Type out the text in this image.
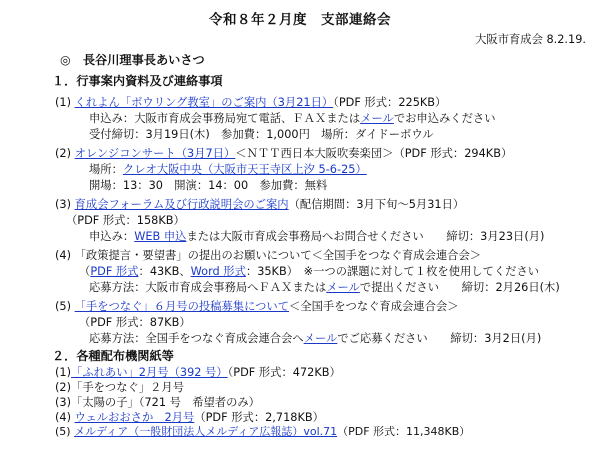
令和８年２月度　支部連絡会
大阪市育成会 8.2.19.
◎　長谷川理事長あいさつ
１．行事案内資料及び連絡事項
(1) くれよん「ボウリング教室」のご案内（3月21日）（PDF 形式：225KB）
申込み：大阪市育成会事務局宛て電話、ＦＡＸまたはメールでお申込みください
受付締切：3月19日(木)　参加費：1,000円　場所：ダイドーボウル
(2) オレンジコンサート（3月7日）＜ＮＴＴ西日本大阪吹奏楽団＞（PDF 形式：294KB）
場所：クレオ大阪中央（大阪市天王寺区上汐 5-6-25）
開場：13：30　開演：14：00　参加費：無料
(3) 育成会フォーラム及び行政説明会のご案内（配信期間：3月下旬～5月31日）
（PDF 形式：158KB）
申込み：WEB 申込または大阪市育成会事務局へお問合せください　　締切：3月23日(月)
(4) 「政策提言・要望書」の提出のお願いについて＜全国手をつなぐ育成会連合会＞
（PDF 形式：43KB、Word 形式：35KB）　※一つの課題に対して１枚を使用してください
応募方法：大阪市育成会事務局へＦＡＸまたはメールで提出ください　　締切：2月26日(木)
(5) 「手をつなぐ」６月号の投稿募集について＜全国手をつなぐ育成会連合会＞
（PDF 形式：87KB）
応募方法：全国手をつなぐ育成会連合会へメールでご応募ください　　締切：3月2日(月)
２．各種配布機関紙等
(1)「ふれあい」2月号（392 号）（PDF 形式：472KB）
(2)「手をつなぐ」２月号
(3)「太陽の子」（721 号　希望者のみ）
(4) ウェルおおさか　2月号（PDF 形式：2,718KB）
(5) メルディア（一般財団法人メルディア広報誌）vol.71（PDF 形式：11,348KB）
